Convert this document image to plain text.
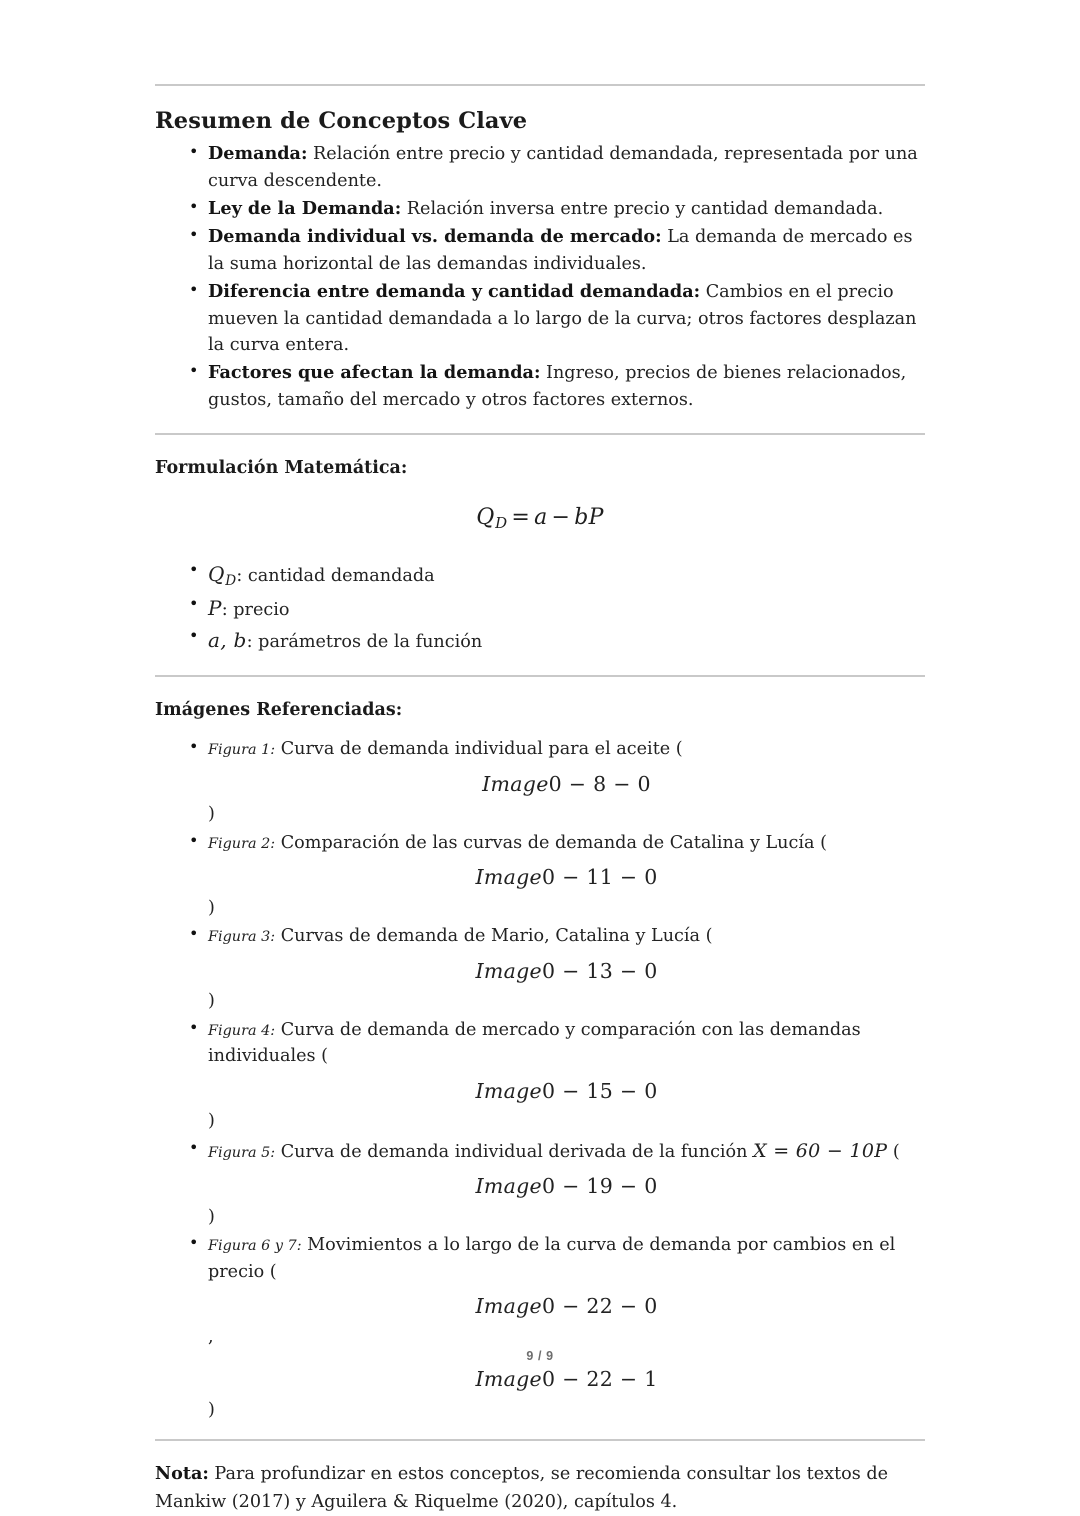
Resumen de Conceptos Clave
• Demanda: Relación entre precio y cantidad demandada, representada por una curva descendente.
• Ley de la Demanda: Relación inversa entre precio y cantidad demandada.
• Demanda individual vs. demanda de mercado: La demanda de mercado es la suma horizontal de las demandas individuales.
• Diferencia entre demanda y cantidad demandada: Cambios en el precio mueven la cantidad demandada a lo largo de la curva; otros factores desplazan la curva entera.
• Factores que afectan la demanda: Ingreso, precios de bienes relacionados, gustos, tamaño del mercado y otros factores externos.

Formulación Matemática:

$Q_D = a$ − bP
• $Q_D$: cantidad demandada
• P: precio
• a, b: parámetros de la función

Imágenes Referenciadas:

• Figura 1: Curva de demanda individual para el aceite (
Image0 − 8 − 0
)
• Figura 2: Comparación de las curvas de demanda de Catalina y Lucía (
Image0 − 11 − 0
)
• Figura 3: Curvas de demanda de Mario, Catalina y Lucía (
Image0 − 13 − 0
)
• Figura 4: Curva de demanda de mercado y comparación con las demandas individuales (
Image0 − 15 − 0
)
• Figura 5: Curva de demanda individual derivada de la función X = 60 − 10P (
Image0 − 19 − 0
)
• Figura 6 y 7: Movimientos a lo largo de la curva de demanda por cambios en el precio (
Image0 − 22 − 0
,
Image0 − 22 − 1
)

Nota: Para profundizar en estos conceptos, se recomienda consultar los textos de Mankiw (2017) y Aguilera & Riquelme (2020), capítulos 4.

9 / 9
